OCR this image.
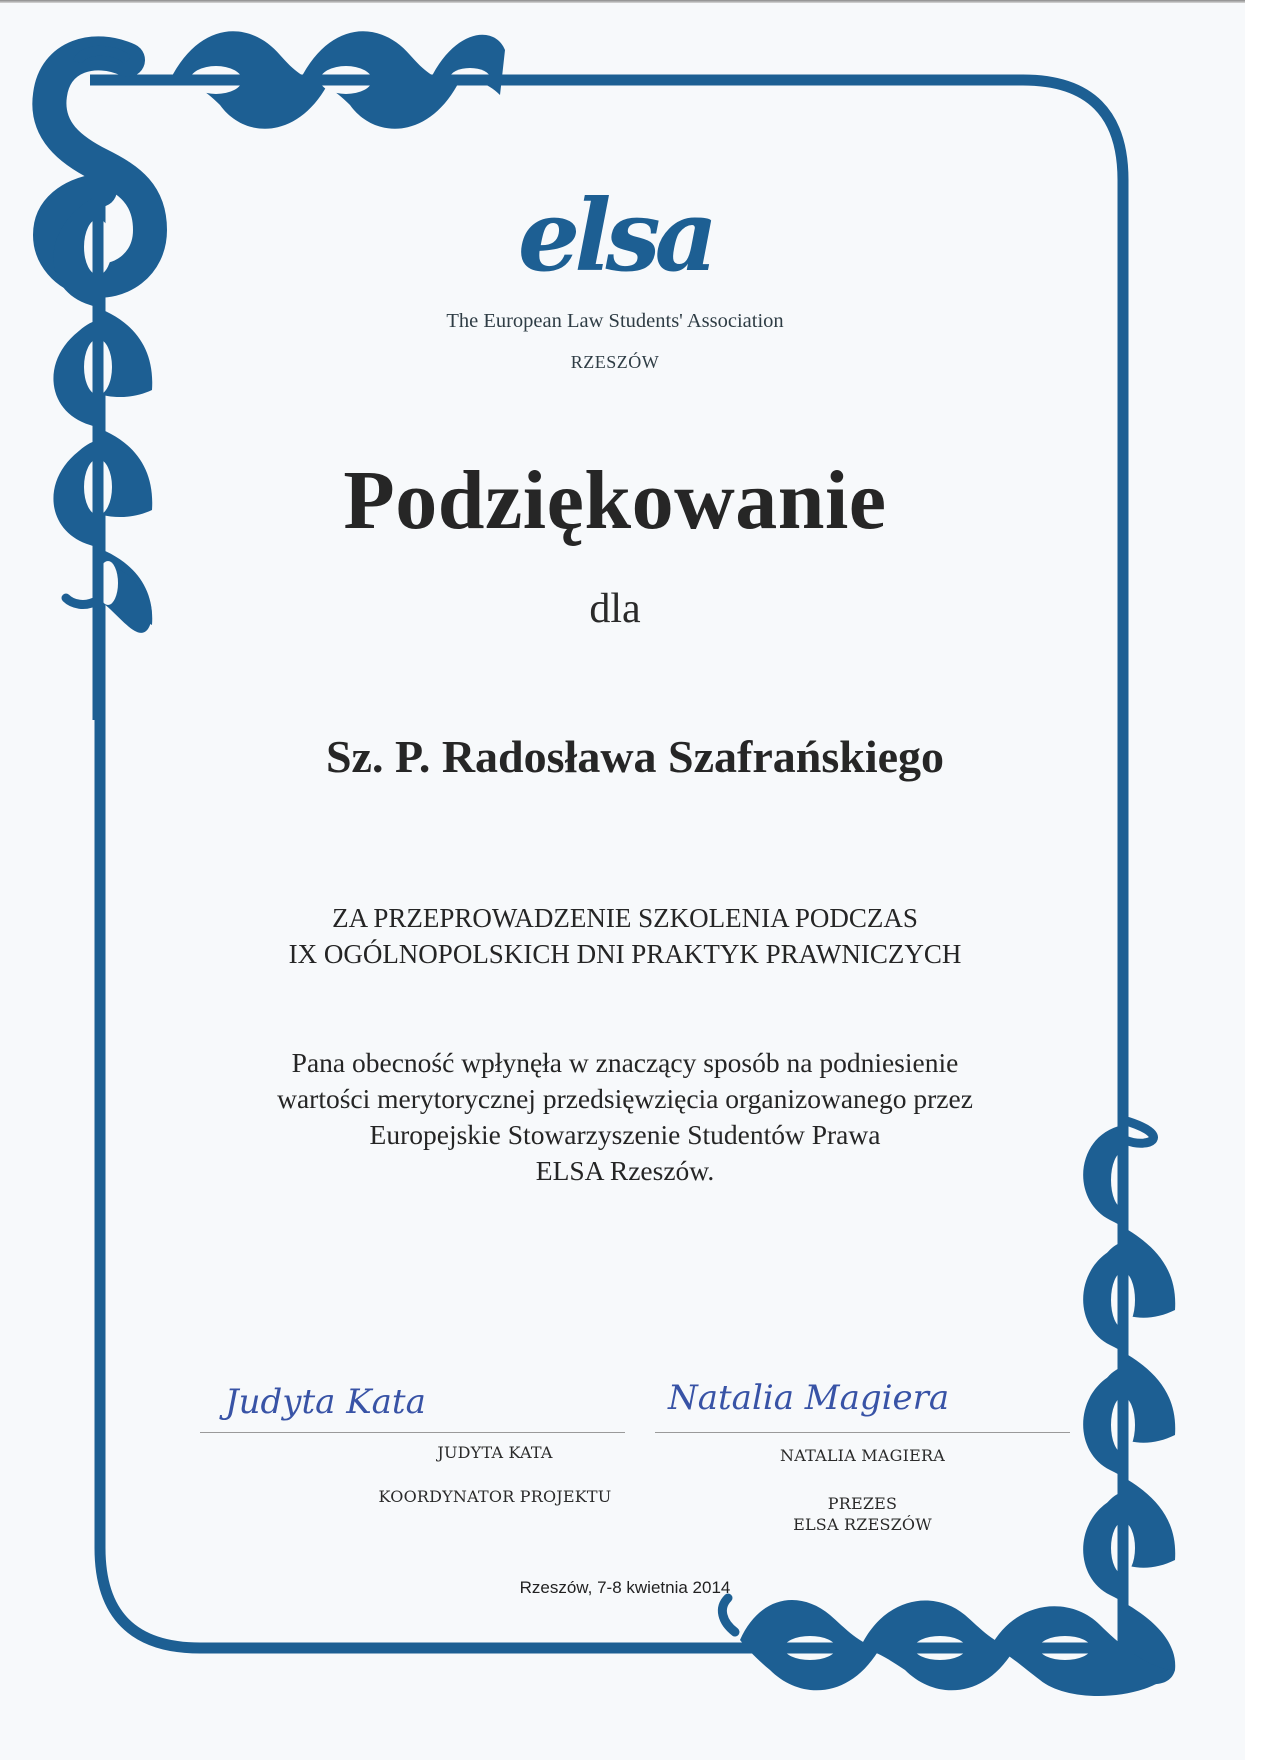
elsa
The European Law Students' Association
RZESZÓW
Podziękowanie
dla
Sz. P. Radosława Szafrańskiego
ZA PRZEPROWADZENIE SZKOLENIA PODCZAS
IX OGÓLNOPOLSKICH DNI PRAKTYK PRAWNICZYCH
Pana obecność wpłynęła w znaczący sposób na podniesienie
wartości merytorycznej przedsięwzięcia organizowanego przez
Europejskie Stowarzyszenie Studentów Prawa
ELSA Rzeszów.
Judyta Kata
JUDYTA KATA
KOORDYNATOR PROJEKTU
Natalia Magiera
NATALIA MAGIERA
PREZES
ELSA RZESZÓW
Rzeszów, 7-8 kwietnia 2014
